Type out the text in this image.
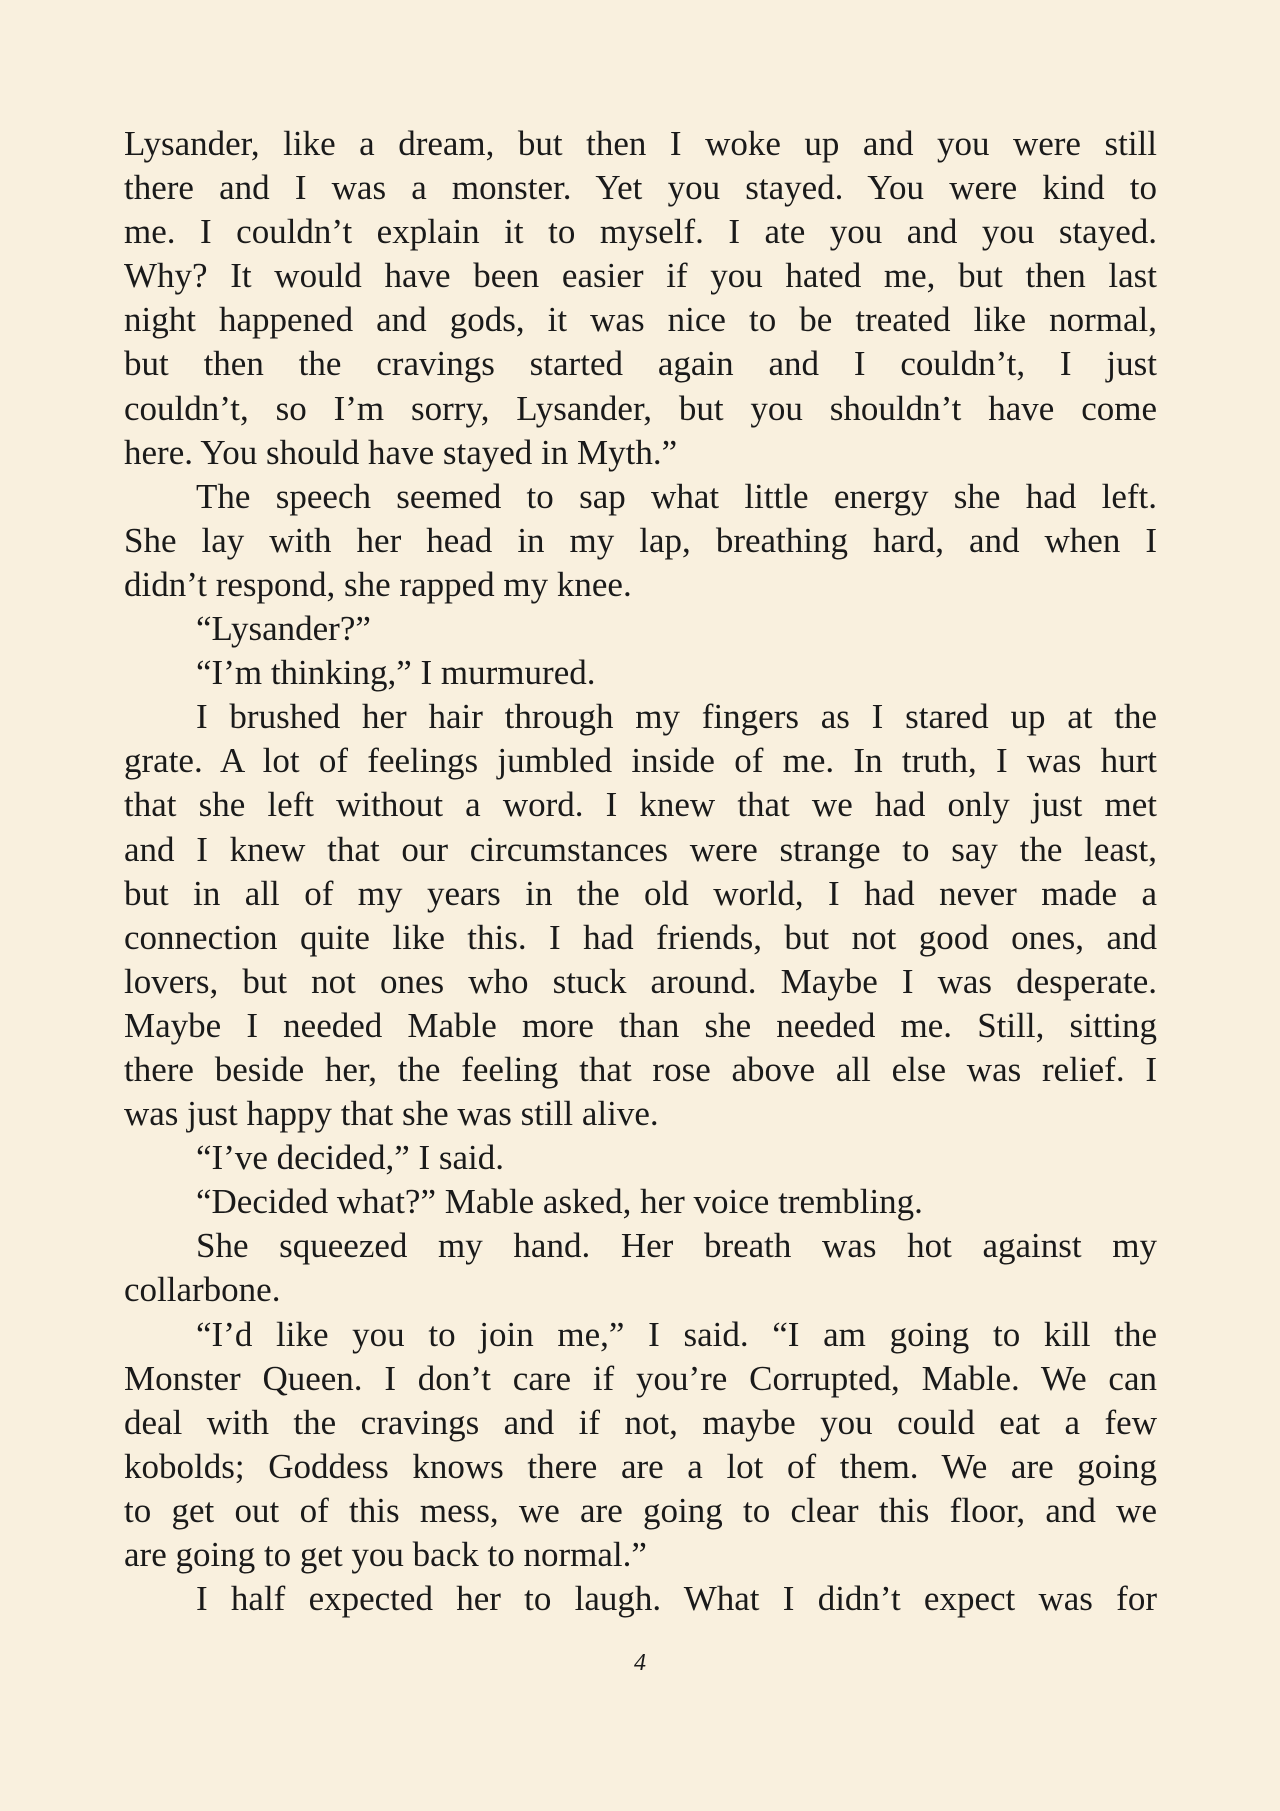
Lysander, like a dream, but then I woke up and you were still
there and I was a monster. Yet you stayed. You were kind to
me. I couldn’t explain it to myself. I ate you and you stayed.
Why? It would have been easier if you hated me, but then last
night happened and gods, it was nice to be treated like normal,
but then the cravings started again and I couldn’t, I just
couldn’t, so I’m sorry, Lysander, but you shouldn’t have come
here. You should have stayed in Myth.”
The speech seemed to sap what little energy she had left.
She lay with her head in my lap, breathing hard, and when I
didn’t respond, she rapped my knee.
“Lysander?”
“I’m thinking,” I murmured.
I brushed her hair through my fingers as I stared up at the
grate. A lot of feelings jumbled inside of me. In truth, I was hurt
that she left without a word. I knew that we had only just met
and I knew that our circumstances were strange to say the least,
but in all of my years in the old world, I had never made a
connection quite like this. I had friends, but not good ones, and
lovers, but not ones who stuck around. Maybe I was desperate.
Maybe I needed Mable more than she needed me. Still, sitting
there beside her, the feeling that rose above all else was relief. I
was just happy that she was still alive.
“I’ve decided,” I said.
“Decided what?” Mable asked, her voice trembling.
She squeezed my hand. Her breath was hot against my
collarbone.
“I’d like you to join me,” I said. “I am going to kill the
Monster Queen. I don’t care if you’re Corrupted, Mable. We can
deal with the cravings and if not, maybe you could eat a few
kobolds; Goddess knows there are a lot of them. We are going
to get out of this mess, we are going to clear this floor, and we
are going to get you back to normal.”
I half expected her to laugh. What I didn’t expect was for
4
